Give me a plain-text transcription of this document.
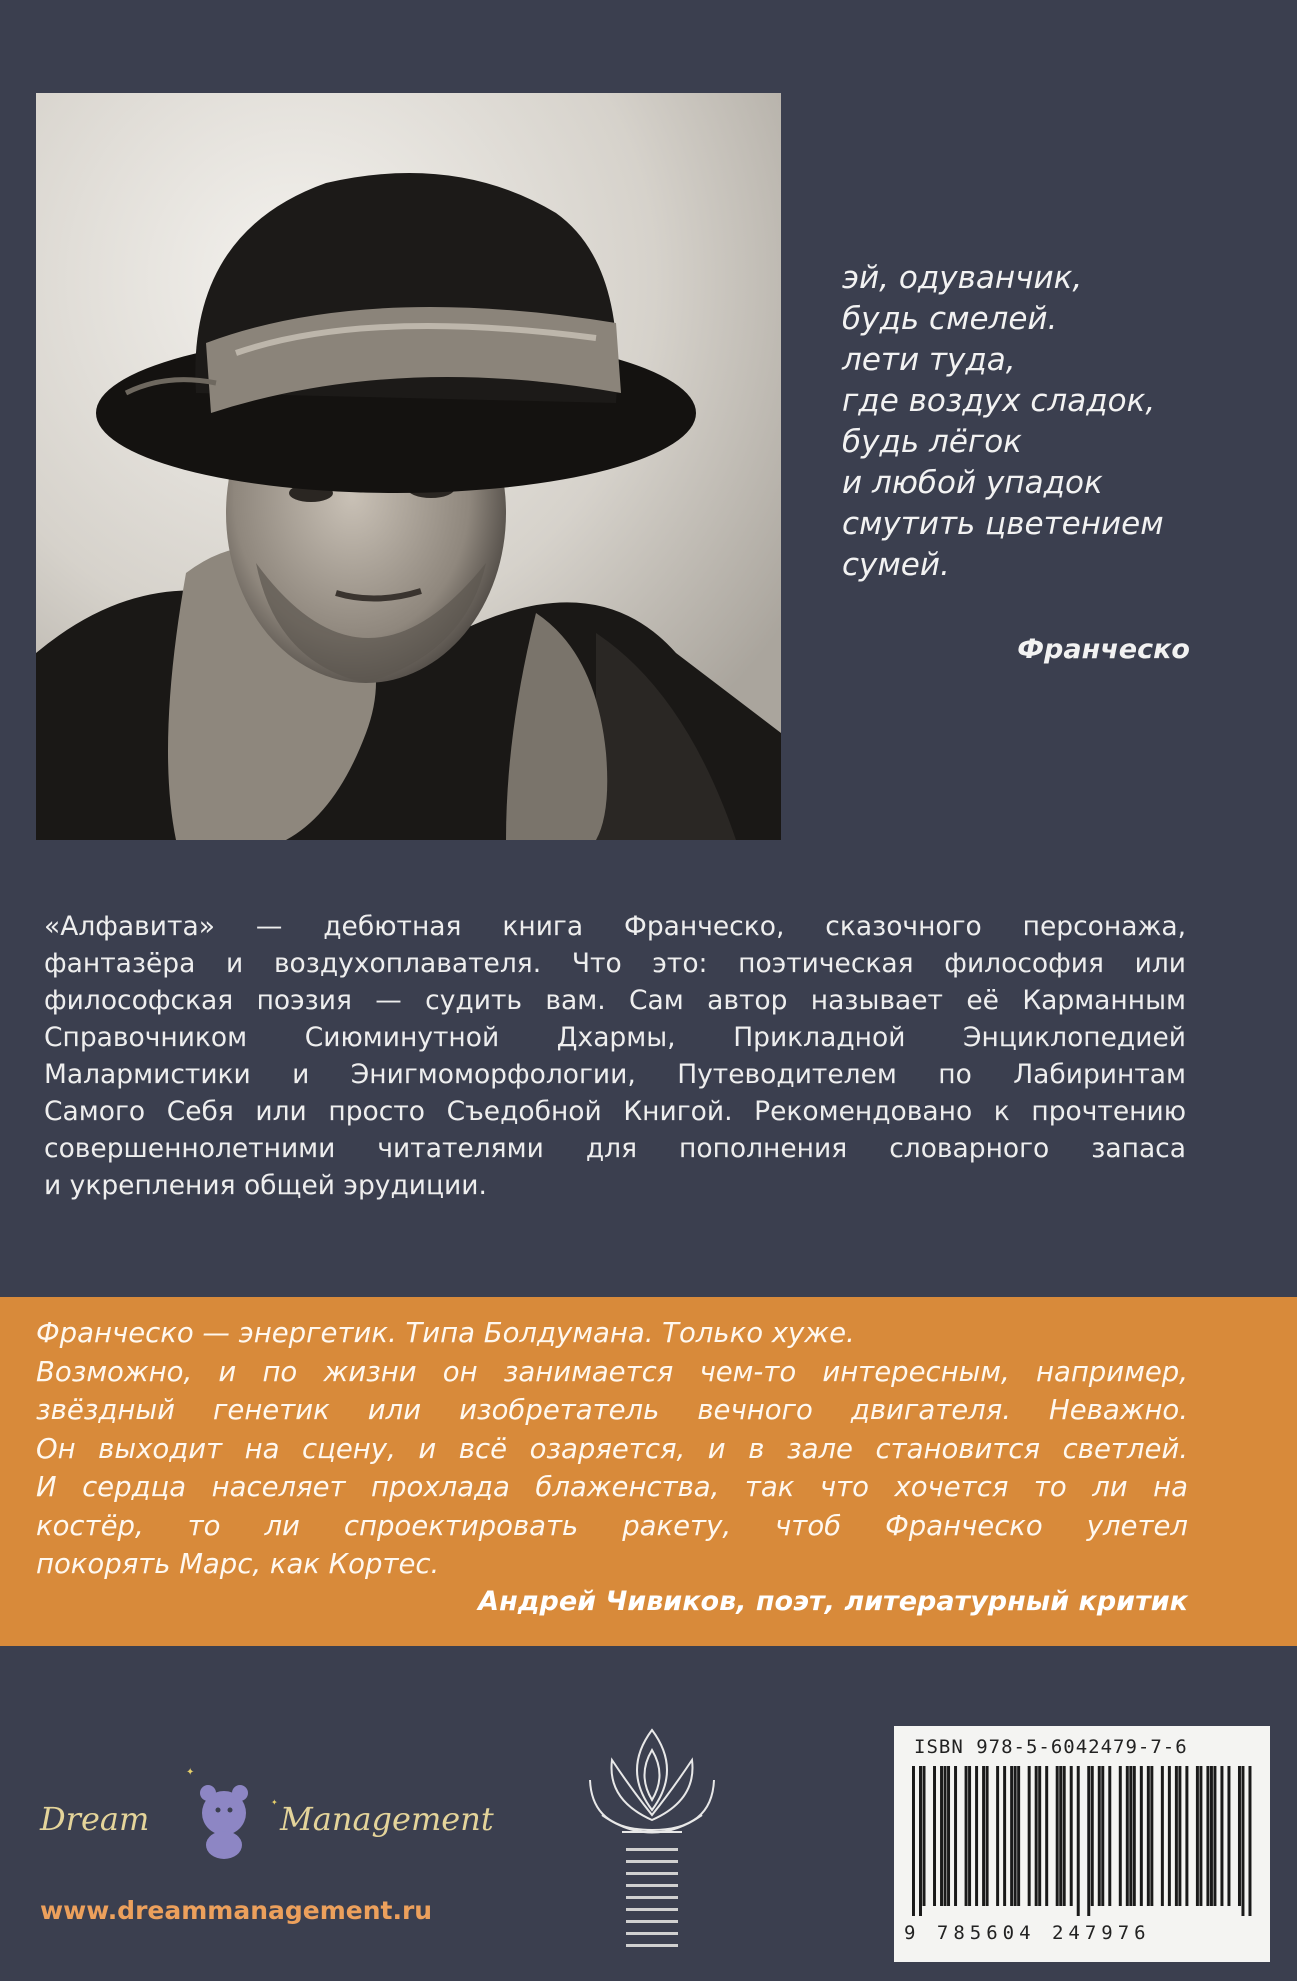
эй, одуванчик,
будь смелей.
лети туда,
где воздух сладок,
будь лёгок
и любой упадок
смутить цветением
сумей.
Франческо
«Алфавита» — дебютная книга Франческо, сказочного персонажа,
фантазёра и воздухоплавателя. Что это: поэтическая философия или
философская поэзия — судить вам. Сам автор называет её Карманным
Справочником Сиюминутной Дхармы, Прикладной Энциклопедией
Малармистики и Энигмоморфологии, Путеводителем по Лабиринтам
Самого Себя или просто Съедобной Книгой. Рекомендовано к прочтению
совершеннолетними читателями для пополнения словарного запаса
и укрепления общей эрудиции.
Франческо — энергетик. Типа Болдумана. Только хуже.
Возможно, и по жизни он занимается чем-то интересным, например,
звёздный генетик или изобретатель вечного двигателя. Неважно.
Он выходит на сцену, и всё озаряется, и в зале становится светлей.
И сердца населяет прохлада блаженства, так что хочется то ли на
костёр, то ли спроектировать ракету, чтоб Франческо улетел
покорять Марс, как Кортес.
Андрей Чивиков, поэт, литературный критик
Dream
✦
✦ Management
www.dreammanagement.ru
ISBN 978-5-6042479-7-6
9 785604 247976
